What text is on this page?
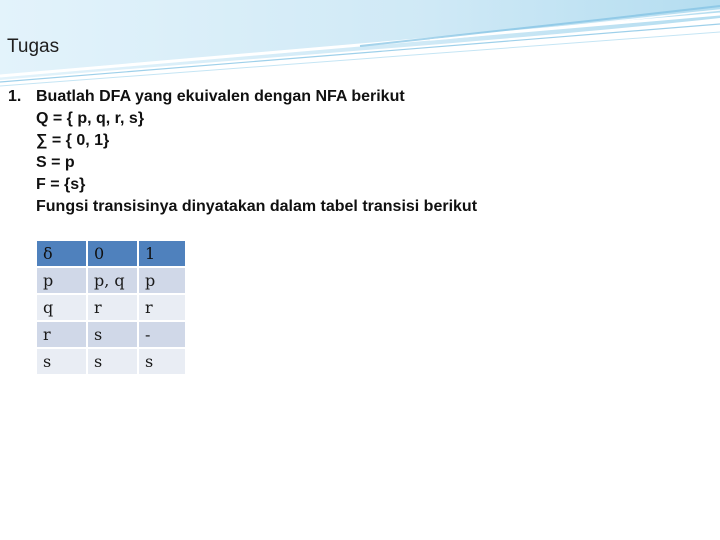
Tugas
1. Buatlah DFA yang ekuivalen dengan NFA berikut
Q = { p, q, r, s}
∑ = { 0, 1}
S = p
F = {s}
Fungsi transisinya dinyatakan dalam tabel transisi berikut
δ	0	1
p	p, q	p
q	r	r
r	s	-
s	s	s
